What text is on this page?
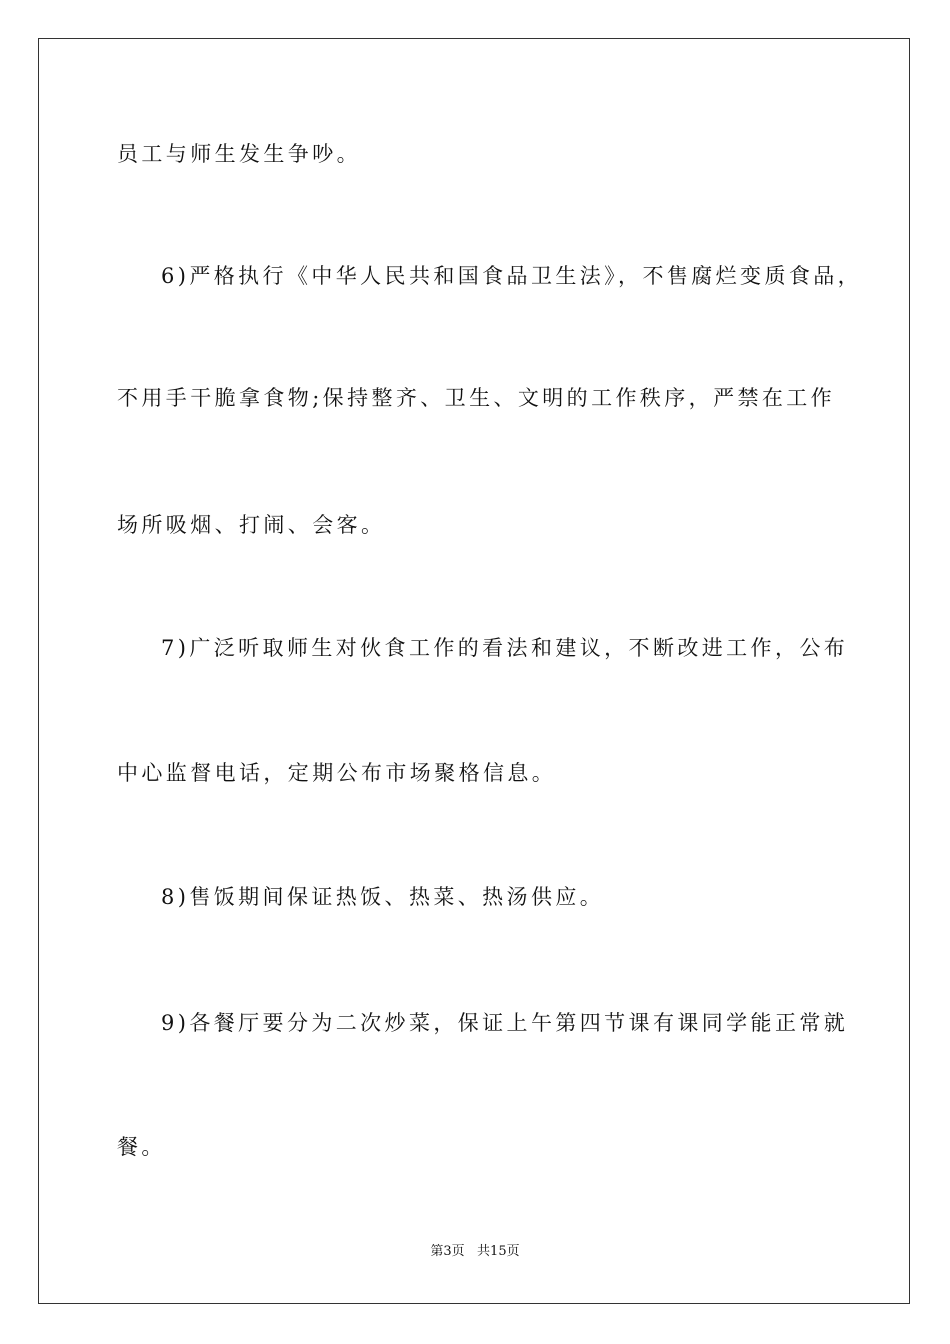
员工与师生发生争吵。
6)严格执行《中华人民共和国食品卫生法》，不售腐烂变质食品，
不用手干脆拿食物;保持整齐、卫生、文明的工作秩序，严禁在工作
场所吸烟、打闹、会客。
7)广泛听取师生对伙食工作的看法和建议，不断改进工作，公布
中心监督电话，定期公布市场聚格信息。
8)售饭期间保证热饭、热菜、热汤供应。
9)各餐厅要分为二次炒菜，保证上午第四节课有课同学能正常就
餐。
第3页   共15页
